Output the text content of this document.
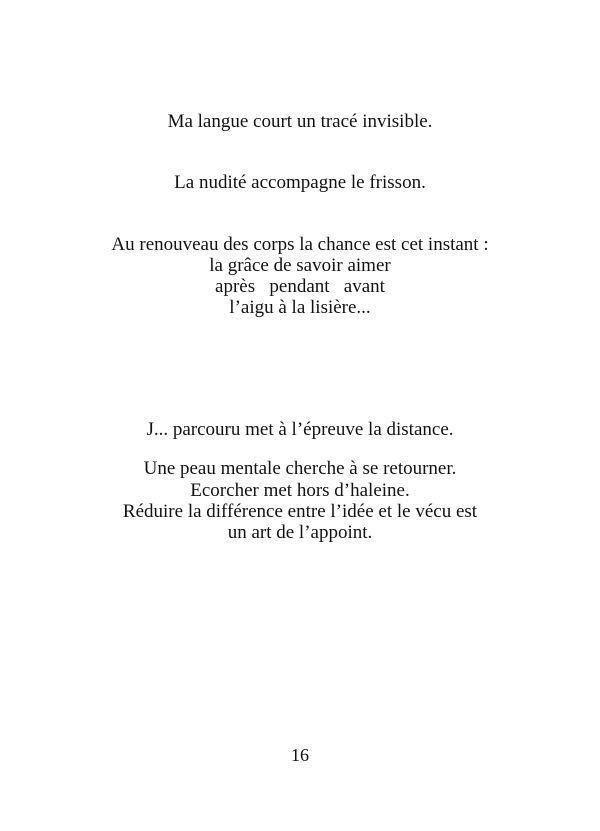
Ma langue court un tracé invisible.
La nudité accompagne le frisson.
Au renouveau des corps la chance est cet instant :
la grâce de savoir aimer
après   pendant   avant
l’aigu à la lisière...
J... parcouru met à l’épreuve la distance.
Une peau mentale cherche à se retourner.
Ecorcher met hors d’haleine.
Réduire la différence entre l’idée et le vécu est
un art de l’appoint.
16
